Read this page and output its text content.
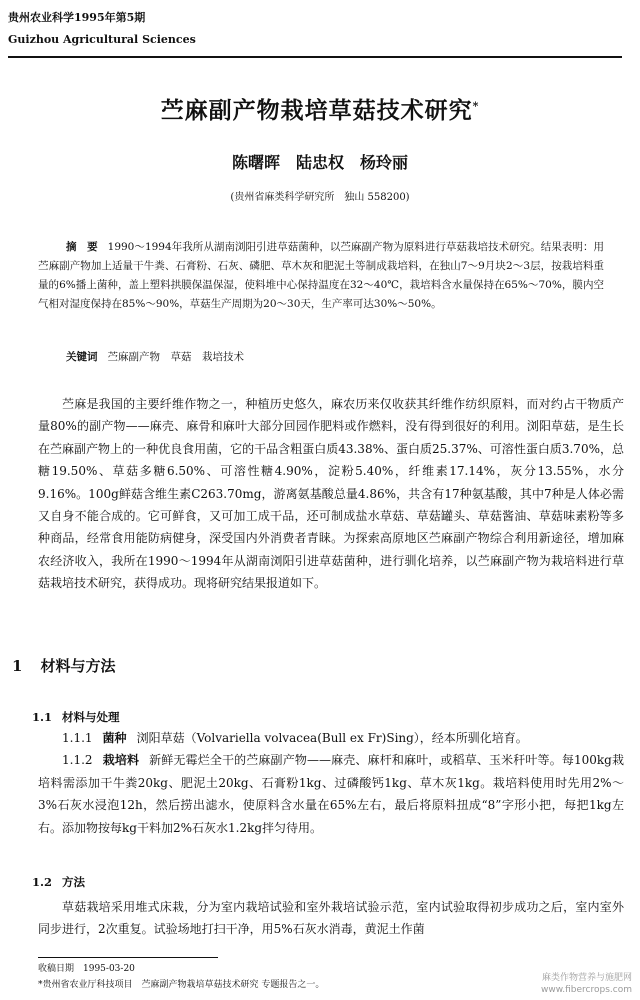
贵州农业科学1995年第5期
Guizhou Agricultural Sciences
苎麻副产物栽培草菇技术研究*
陈曙晖　陆忠权　杨玲丽
(贵州省麻类科学研究所　独山 558200)
摘　要 1990～1994年我所从湖南浏阳引进草菇菌种，以苎麻副产物为原料进行草菇栽培技术研究。结果表明：用苎麻副产物加上适量干牛粪、石膏粉、石灰、磷肥、草木灰和肥泥土等制成栽培料，在独山7～9月块2～3层，按栽培料重量的6%播上菌种，盖上塑料拱膜保温保湿，使料堆中心保持温度在32～40℃，栽培料含水量保持在65%～70%，膜内空气相对湿度保持在85%～90%，草菇生产周期为20～30天，生产率可达30%～50%。
关键词 苎麻副产物　草菇　栽培技术
苎麻是我国的主要纤维作物之一，种植历史悠久，麻农历来仅收获其纤维作纺织原料，而对约占干物质产量80%的副产物——麻壳、麻骨和麻叶大部分回园作肥料或作燃料，没有得到很好的利用。浏阳草菇，是生长在苎麻副产物上的一种优良食用菌，它的干品含粗蛋白质43.38%、蛋白质25.37%、可溶性蛋白质3.70%，总糖19.50%、草菇多糖6.50%、可溶性糖4.90%，淀粉5.40%，纤维素17.14%，灰分13.55%，水分9.16%。100g鲜菇含维生素C263.70mg，游离氨基酸总量4.86%，共含有17种氨基酸，其中7种是人体必需又自身不能合成的。它可鲜食，又可加工成干品，还可制成盐水草菇、草菇罐头、草菇酱油、草菇味素粉等多种商品，经常食用能防病健身，深受国内外消费者青睐。为探索高原地区苎麻副产物综合利用新途径，增加麻农经济收入，我所在1990～1994年从湖南浏阳引进草菇菌种，进行驯化培养，以苎麻副产物为栽培料进行草菇栽培技术研究，获得成功。现将研究结果报道如下。
1 材料与方法
1.1 材料与处理
1.1.1 菌种 浏阳草菇（Volvariella volvacea(Bull ex Fr)Sing），经本所驯化培育。
1.1.2 栽培料 新鲜无霉烂全干的苎麻副产物——麻壳、麻杆和麻叶，或稻草、玉米秆叶等。每100kg栽培料需添加干牛粪20kg、肥泥土20kg、石膏粉1kg、过磷酸钙1kg、草木灰1kg。栽培料使用时先用2%～3%石灰水浸泡12h，然后捞出滤水，使原料含水量在65%左右，最后将原料扭成“8”字形小把，每把1kg左右。添加物按每kg干料加2%石灰水1.2kg拌匀待用。
1.2 方法
草菇栽培采用堆式床栽，分为室内栽培试验和室外栽培试验示范，室内试验取得初步成功之后，室内室外同步进行，2次重复。试验场地打扫干净，用5%石灰水消毒，黄泥土作菌
收稿日期　1995-03-20
*贵州省农业厅科技项目　苎麻副产物栽培草菇技术研究 专题报告之一。
麻类作物营养与施肥网
www.fibercrops.com
